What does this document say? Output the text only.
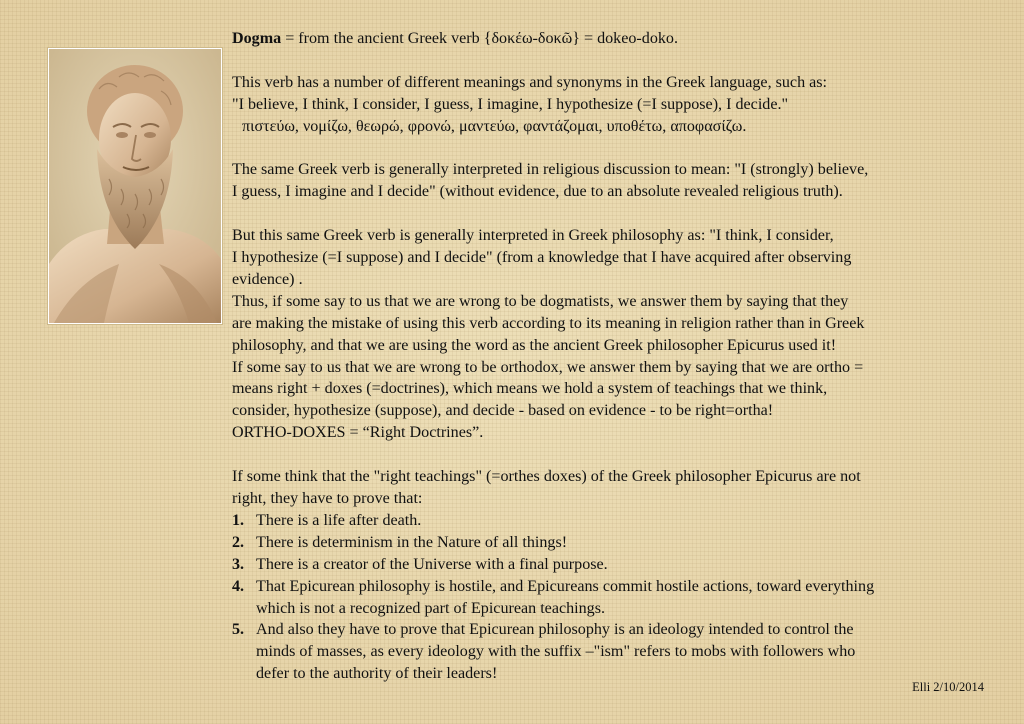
Dogma = from the ancient Greek verb {δοκέω-δοκῶ} = dokeo-doko.

This verb has a number of different meanings and synonyms in the Greek language, such as:

"I believe, I think, I consider, I guess, I imagine, I hypothesize (=I suppose), I decide."

πιστεύω, νομίζω, θεωρώ, φρονώ, μαντεύω, φαντάζομαι, υποθέτω, αποφασίζω.

The same Greek verb is generally interpreted in religious discussion to mean: "I (strongly) believe,

I guess, I imagine and I decide" (without evidence, due to an absolute revealed religious truth).

But this same Greek verb is generally interpreted in Greek philosophy as: "I think, I consider,

I hypothesize (=I suppose) and I decide" (from a knowledge that I have acquired after observing

evidence) .

Thus, if some say to us that we are wrong to be dogmatists, we answer them by saying that they

are making the mistake of using this verb according to its meaning in religion rather than in Greek

philosophy, and that we are using the word as the ancient Greek philosopher Epicurus used it!

If some say to us that we are wrong to be orthodox, we answer them by saying that we are ortho =

means right + doxes (=doctrines), which means we hold a system of teachings that we think,

consider, hypothesize (suppose), and decide - based on evidence - to be right=ortha!

ORTHO-DOXES = “Right Doctrines”.

If some think that the "right teachings" (=orthes doxes) of the Greek philosopher Epicurus are not

right, they have to prove that:

1. There is a life after death.
2. There is determinism in the Nature of all things!
3. There is a creator of the Universe with a final purpose.
4. That Epicurean philosophy is hostile, and Epicureans commit hostile actions, toward everything
which is not a recognized part of Epicurean teachings.
5. And also they have to prove that Epicurean philosophy is an ideology intended to control the
minds of masses, as every ideology with the suffix –"ism" refers to mobs with followers who
defer to the authority of their leaders!
Elli 2/10/2014
